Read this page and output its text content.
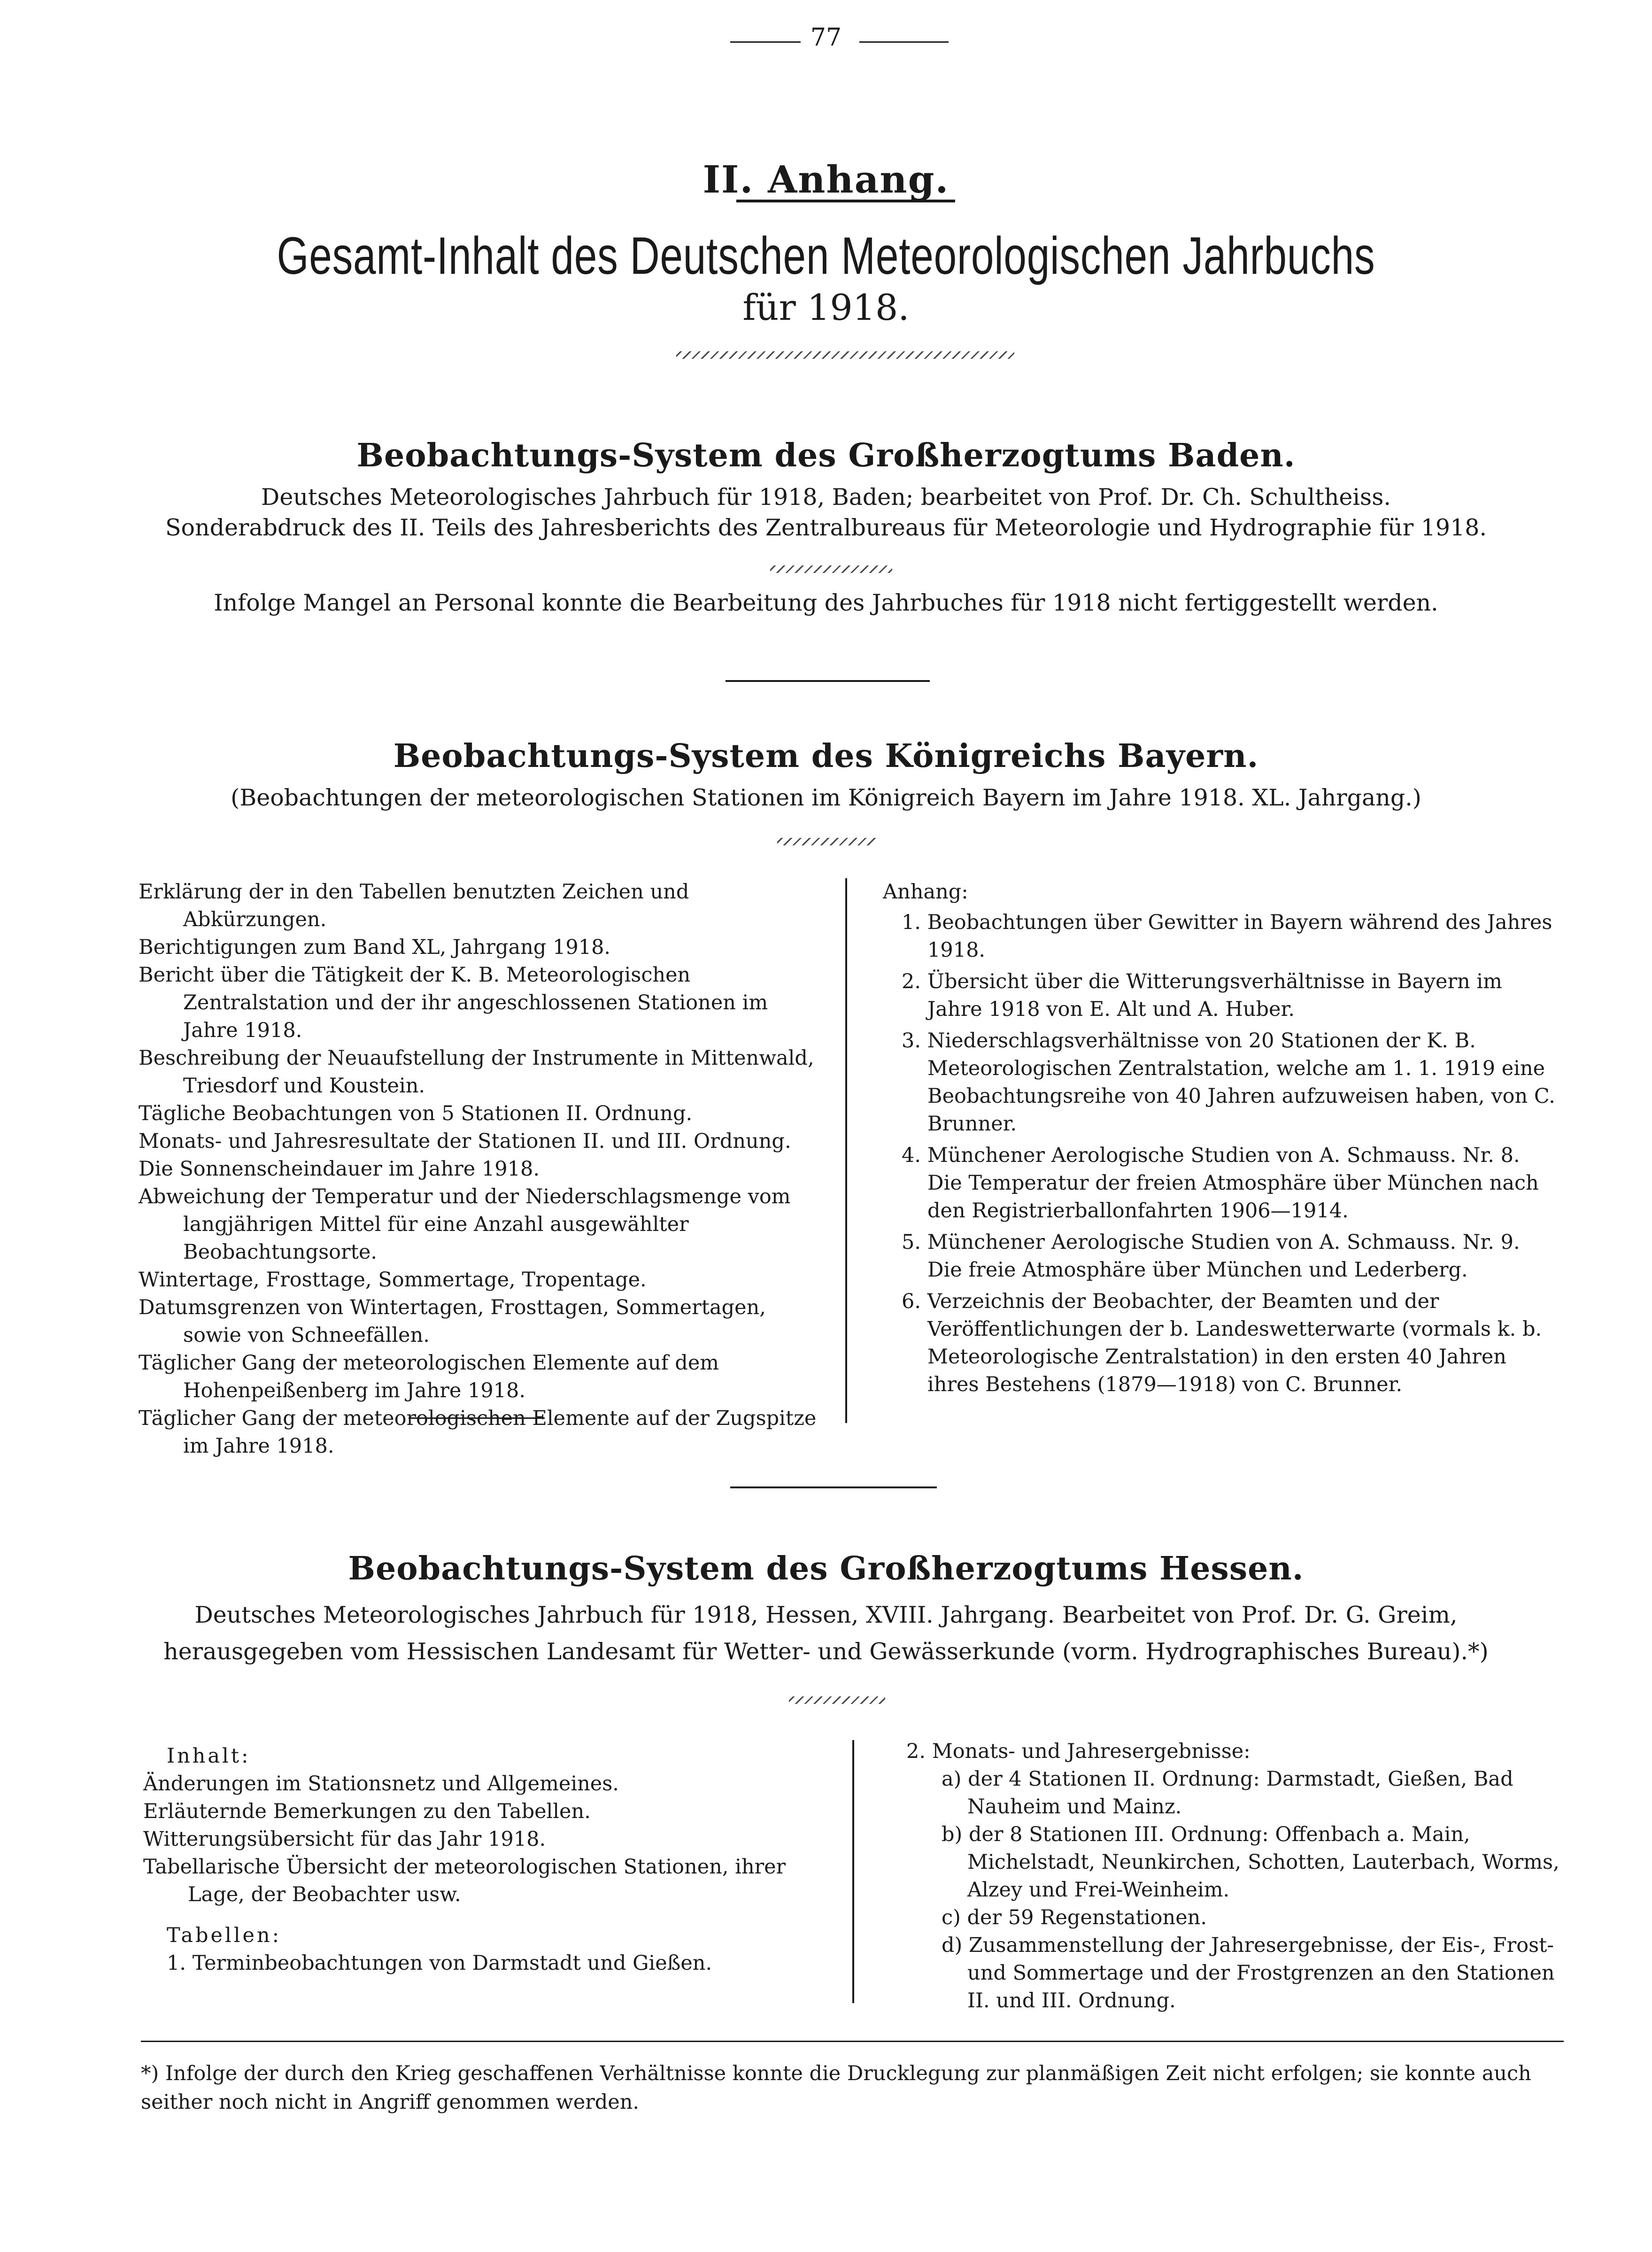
77
II. Anhang.
Gesamt-Inhalt des Deutschen Meteorologischen Jahrbuchs
für 1918.
Beobachtungs-System des Großherzogtums Baden.
Deutsches Meteorologisches Jahrbuch für 1918, Baden; bearbeitet von Prof. Dr. Ch. Schultheiss.
Sonderabdruck des II. Teils des Jahresberichts des Zentralbureaus für Meteorologie und Hydrographie für 1918.
Infolge Mangel an Personal konnte die Bearbeitung des Jahrbuches für 1918 nicht fertiggestellt werden.
Beobachtungs-System des Königreichs Bayern.
(Beobachtungen der meteorologischen Stationen im Königreich Bayern im Jahre 1918. XL. Jahrgang.)

Erklärung der in den Tabellen benutzten Zeichen und Abkürzungen.

Berichtigungen zum Band XL, Jahrgang 1918.

Bericht über die Tätigkeit der K. B. Meteorologischen Zentralstation und der ihr angeschlossenen Stationen im Jahre 1918.

Beschreibung der Neuaufstellung der Instrumente in Mittenwald, Triesdorf und Koustein.

Tägliche Beobachtungen von 5 Stationen II. Ordnung.

Monats- und Jahresresultate der Stationen II. und III. Ordnung.

Die Sonnenscheindauer im Jahre 1918.

Abweichung der Temperatur und der Niederschlagsmenge vom langjährigen Mittel für eine Anzahl ausgewählter Beobachtungsorte.

Wintertage, Frosttage, Sommertage, Tropentage.

Datumsgrenzen von Wintertagen, Frosttagen, Sommertagen, sowie von Schneefällen.

Täglicher Gang der meteorologischen Elemente auf dem Hohenpeißenberg im Jahre 1918.

Täglicher Gang der meteorologischen Elemente auf der Zugspitze im Jahre 1918.

Anhang:

1. Beobachtungen über Gewitter in Bayern während des Jahres 1918.

2. Übersicht über die Witterungsverhältnisse in Bayern im Jahre 1918 von E. Alt und A. Huber.

3. Niederschlagsverhältnisse von 20 Stationen der K. B. Meteorologischen Zentralstation, welche am 1. 1. 1919 eine Beobachtungsreihe von 40 Jahren aufzuweisen haben, von C. Brunner.

4. Münchener Aerologische Studien von A. Schmauss. Nr. 8. Die Temperatur der freien Atmosphäre über München nach den Registrierballonfahrten 1906—1914.

5. Münchener Aerologische Studien von A. Schmauss. Nr. 9. Die freie Atmosphäre über München und Lederberg.

6. Verzeichnis der Beobachter, der Beamten und der Veröffentlichungen der b. Landeswetterwarte (vormals k. b. Meteorologische Zentralstation) in den ersten 40 Jahren ihres Bestehens (1879—1918) von C. Brunner.

Beobachtungs-System des Großherzogtums Hessen.
Deutsches Meteorologisches Jahrbuch für 1918, Hessen, XVIII. Jahrgang. Bearbeitet von Prof. Dr. G. Greim,
herausgegeben vom Hessischen Landesamt für Wetter- und Gewässerkunde (vorm. Hydrographisches Bureau).*)

Inhalt:

Änderungen im Stationsnetz und Allgemeines.

Erläuternde Bemerkungen zu den Tabellen.

Witterungsübersicht für das Jahr 1918.

Tabellarische Übersicht der meteorologischen Stationen, ihrer Lage, der Beobachter usw.

Tabellen:

1. Terminbeobachtungen von Darmstadt und Gießen.

2. Monats- und Jahresergebnisse:

a) der 4 Stationen II. Ordnung: Darmstadt, Gießen, Bad Nauheim und Mainz.

b) der 8 Stationen III. Ordnung: Offenbach a. Main, Michelstadt, Neunkirchen, Schotten, Lauterbach, Worms, Alzey und Frei-Weinheim.

c) der 59 Regenstationen.

d) Zusammenstellung der Jahresergebnisse, der Eis-, Frost- und Sommertage und der Frostgrenzen an den Stationen II. und III. Ordnung.

*) Infolge der durch den Krieg geschaffenen Verhältnisse konnte die Drucklegung zur planmäßigen Zeit nicht erfolgen; sie konnte auch seither noch nicht in Angriff genommen werden.
